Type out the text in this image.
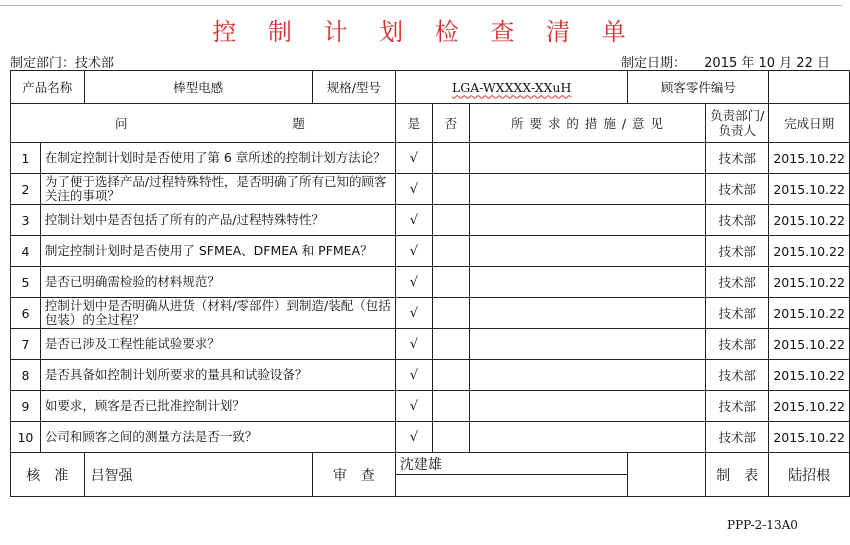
控 制 计 划 检 查 清 单
制定部门：技术部	制定日期： 2015 年 10 月 22 日
产品名称		棒型电感	规格/型号	LGA-WXXXX-XXuH			顾客零件编号		

问 题				是	否	所 要 求 的 措 施 / 意 见		负责部门/负责人	完成日期
1	在制定控制计划时是否使用了第 6 章所述的控制计划方法论？			√				技术部	2015.10.22
2	为了便于选择产品/过程特殊特性，是否明确了所有已知的顾客关注的事项？			√				技术部	2015.10.22
3	控制计划中是否包括了所有的产品/过程特殊特性？			√				技术部	2015.10.22
4	制定控制计划时是否使用了 SFMEA、DFMEA 和 PFMEA？			√				技术部	2015.10.22
5	是否已明确需检验的材料规范？			√				技术部	2015.10.22
6	控制计划中是否明确从进货（材料/零部件）到制造/装配（包括包装）的全过程？			√				技术部	2015.10.22
7	是否已涉及工程性能试验要求？			√				技术部	2015.10.22
8	是否具备如控制计划所要求的量具和试验设备？			√				技术部	2015.10.22
9	如要求，顾客是否已批准控制计划？			√				技术部	2015.10.22
10	公司和顾客之间的测量方法是否一致？			√				技术部	2015.10.22
核　准		吕智强	审　查	沈建雄				制　表	陆招根

PPP-2-13A0
